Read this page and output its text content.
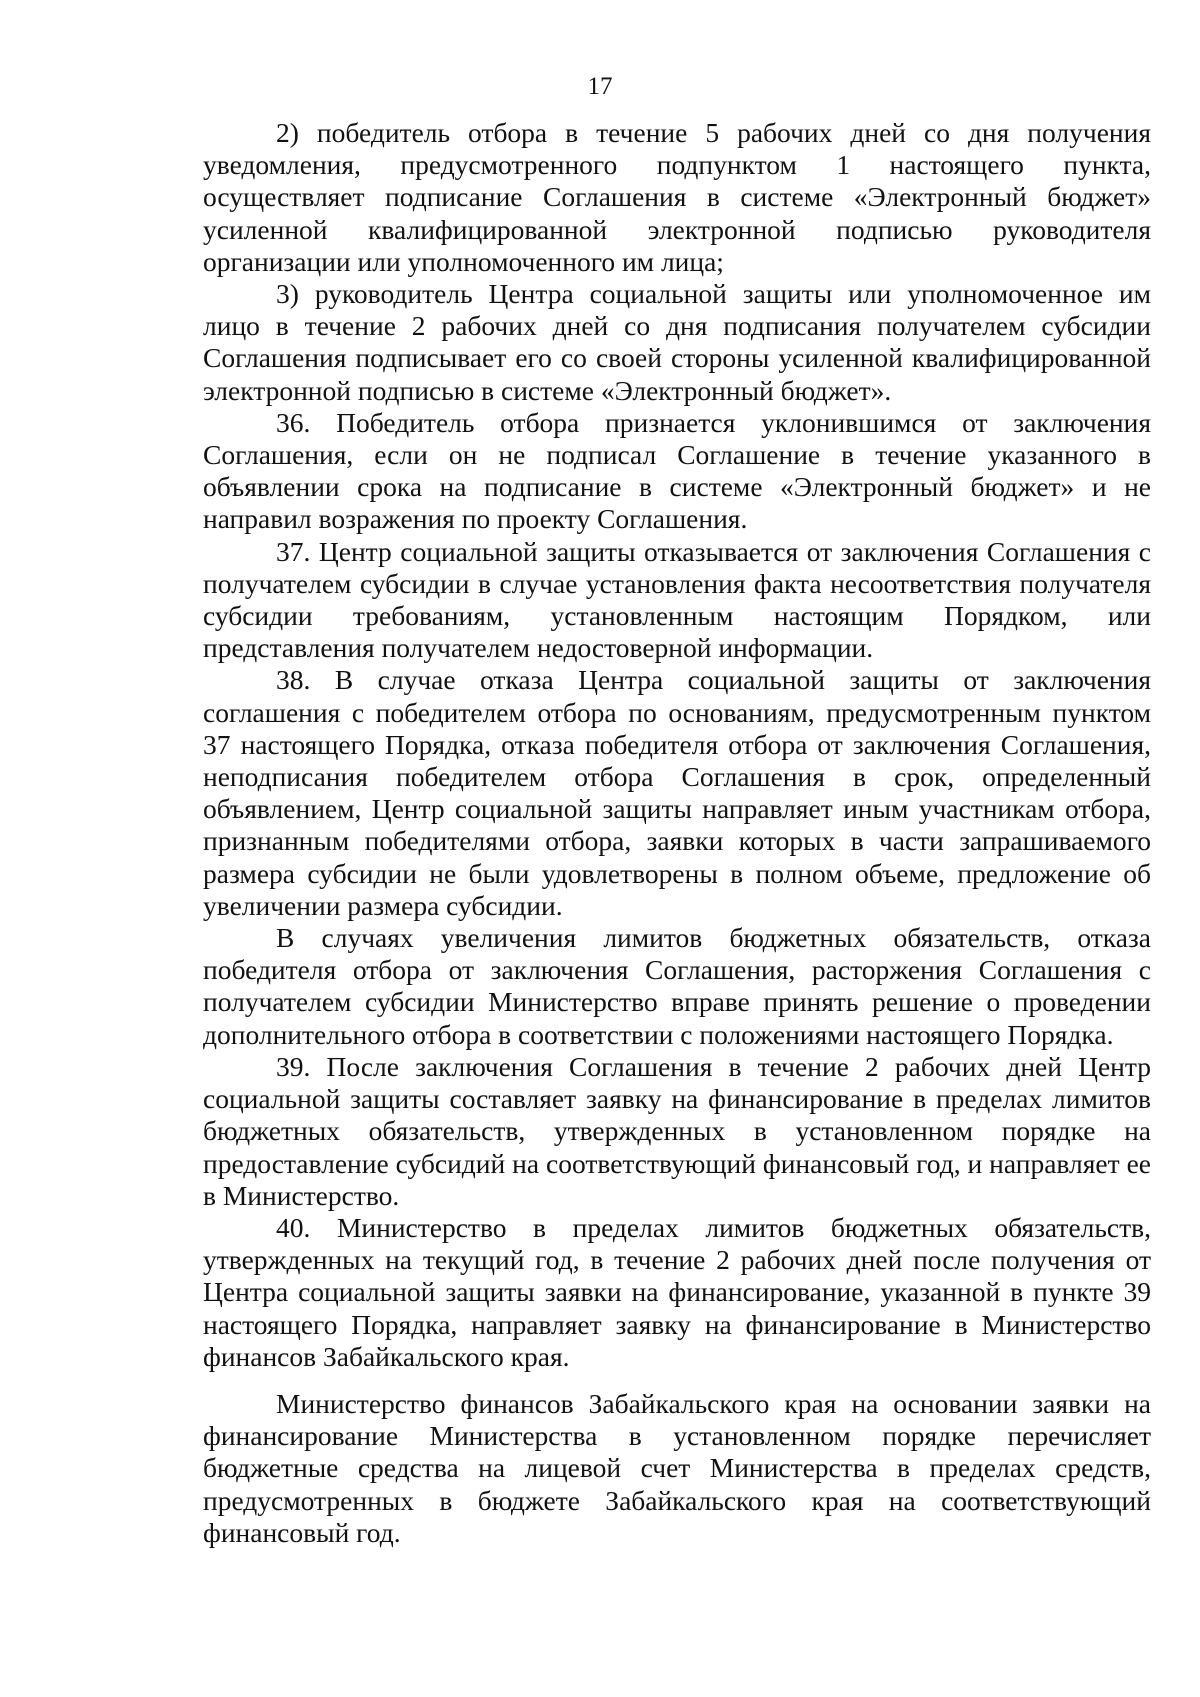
17

2) победитель отбора в течение 5 рабочих дней со дня получения уведомления, предусмотренного подпунктом 1 настоящего пункта, осуществляет подписание Соглашения в системе «Электронный бюджет» усиленной квалифицированной электронной подписью руководителя организации или уполномоченного им лица;

3) руководитель Центра социальной защиты или уполномоченное им лицо в течение 2 рабочих дней со дня подписания получателем субсидии Соглашения подписывает его со своей стороны усиленной квалифицированной электронной подписью в системе «Электронный бюджет».

36. Победитель отбора признается уклонившимся от заключения Соглашения, если он не подписал Соглашение в течение указанного в объявлении срока на подписание в системе «Электронный бюджет» и не направил возражения по проекту Соглашения.

37. Центр социальной защиты отказывается от заключения Соглашения с получателем субсидии в случае установления факта несоответствия получателя субсидии требованиям, установленным настоящим Порядком, или представления получателем недостоверной информации.

38. В случае отказа Центра социальной защиты от заключения соглашения с победителем отбора по основаниям, предусмотренным пунктом 37 настоящего Порядка, отказа победителя отбора от заключения Соглашения, неподписания победителем отбора Соглашения в срок, определенный объявлением, Центр социальной защиты направляет иным участникам отбора, признанным победителями отбора, заявки которых в части запрашиваемого размера субсидии не были удовлетворены в полном объеме, предложение об увеличении размера субсидии.

В случаях увеличения лимитов бюджетных обязательств, отказа победителя отбора от заключения Соглашения, расторжения Соглашения с получателем субсидии Министерство вправе принять решение о проведении дополнительного отбора в соответствии с положениями настоящего Порядка.

39. После заключения Соглашения в течение 2 рабочих дней Центр социальной защиты составляет заявку на финансирование в пределах лимитов бюджетных обязательств, утвержденных в установленном порядке на предоставление субсидий на соответствующий финансовый год, и направляет ее в Министерство.

40. Министерство в пределах лимитов бюджетных обязательств, утвержденных на текущий год, в течение 2 рабочих дней после получения от Центра социальной защиты заявки на финансирование, указанной в пункте 39 настоящего Порядка, направляет заявку на финансирование в Министерство финансов Забайкальского края.

Министерство финансов Забайкальского края на основании заявки на финансирование Министерства в установленном порядке перечисляет бюджетные средства на лицевой счет Министерства в пределах средств, предусмотренных в бюджете Забайкальского края на соответствующий финансовый год.
